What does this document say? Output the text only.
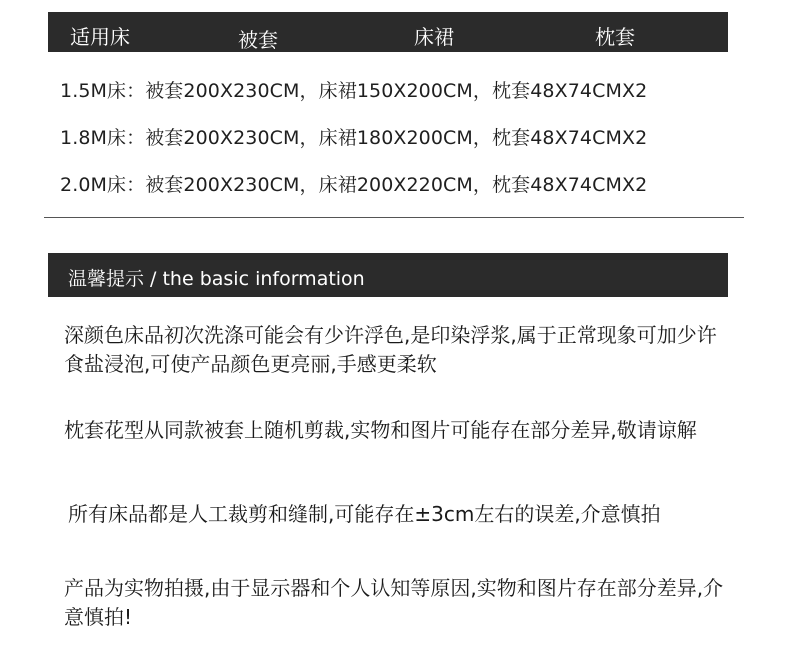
适用床	被套	床裙	枕套
1.5M床：被套200X230CM，床裙150X200CM，枕套48X74CMX2
1.8M床：被套200X230CM，床裙180X200CM，枕套48X74CMX2
2.0M床：被套200X230CM，床裙200X220CM，枕套48X74CMX2
温馨提示 / the basic information
深颜色床品初次洗涤可能会有少许浮色,是印染浮浆,属于正常现象可加少许食盐浸泡,可使产品颜色更亮丽,手感更柔软
枕套花型从同款被套上随机剪裁,实物和图片可能存在部分差异,敬请谅解
所有床品都是人工裁剪和缝制,可能存在±3cm左右的误差,介意慎拍
产品为实物拍摄,由于显示器和个人认知等原因,实物和图片存在部分差异,介意慎拍!
